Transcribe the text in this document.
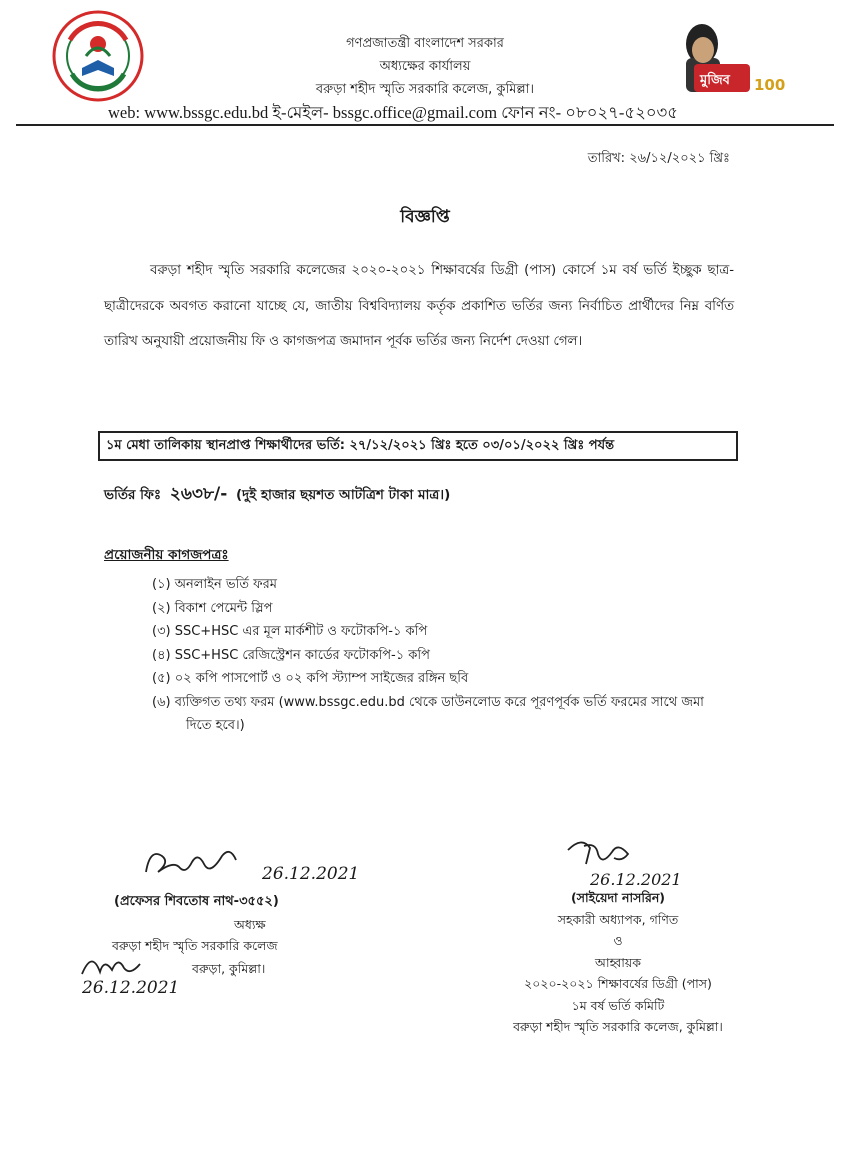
মুজিব 100
গণপ্রজাতন্ত্রী বাংলাদেশ সরকার
অধ্যক্ষের কার্যালয়
বরুড়া শহীদ স্মৃতি সরকারি কলেজ, কুমিল্লা।
web: www.bssgc.edu.bd ই-মেইল- bssgc.office@gmail.com ফোন নং- ০৮০২৭-৫২০৩৫
তারিখ: ২৬/১২/২০২১ খ্রিঃ
বিজ্ঞপ্তি
বরুড়া শহীদ স্মৃতি সরকারি কলেজের ২০২০-২০২১ শিক্ষাবর্ষের ডিগ্রী (পাস) কোর্সে ১ম বর্ষ ভর্তি ইচ্ছুক ছাত্র-ছাত্রীদেরকে অবগত করানো যাচ্ছে যে, জাতীয় বিশ্ববিদ্যালয় কর্তৃক প্রকাশিত ভর্তির জন্য নির্বাচিত প্রার্থীদের নিম্ন বর্ণিত তারিখ অনুযায়ী প্রয়োজনীয় ফি ও কাগজপত্র জমাদান পূর্বক ভর্তির জন্য নির্দেশ দেওয়া গেল।
১ম মেধা তালিকায় স্থানপ্রাপ্ত শিক্ষার্থীদের ভর্তি: ২৭/১২/২০২১ খ্রিঃ হতে ০৩/০১/২০২২ খ্রিঃ পর্যন্ত
ভর্তির ফিঃ ২৬৩৮/- (দুই হাজার ছয়শত আটত্রিশ টাকা মাত্র।)
প্রয়োজনীয় কাগজপত্রঃ
(১) অনলাইন ভর্তি ফরম
(২) বিকাশ পেমেন্ট স্লিপ
(৩) SSC+HSC এর মূল মার্কশীট ও ফটোকপি-১ কপি
(৪) SSC+HSC রেজিস্ট্রেশন কার্ডের ফটোকপি-১ কপি
(৫) ০২ কপি পাসপোর্ট ও ০২ কপি স্ট্যাম্প সাইজের রঙ্গিন ছবি
(৬) ব্যক্তিগত তথ্য ফরম (www.bssgc.edu.bd থেকে ডাউনলোড করে পূরণপূর্বক ভর্তি ফরমের সাথে জমা দিতে হবে।)
26.12.2021
(প্রফেসর শিবতোষ নাথ-৩৫৫২)
অধ্যক্ষ
বরুড়া শহীদ স্মৃতি সরকারি কলেজ
বরুড়া, কুমিল্লা।
26.12.2021
26.12.2021
(সাইয়েদা নাসরিন)
সহকারী অধ্যাপক, গণিত
ও
আহ্বায়ক
২০২০-২০২১ শিক্ষাবর্ষের ডিগ্রী (পাস)
১ম বর্ষ ভর্তি কমিটি
বরুড়া শহীদ স্মৃতি সরকারি কলেজ, কুমিল্লা।
